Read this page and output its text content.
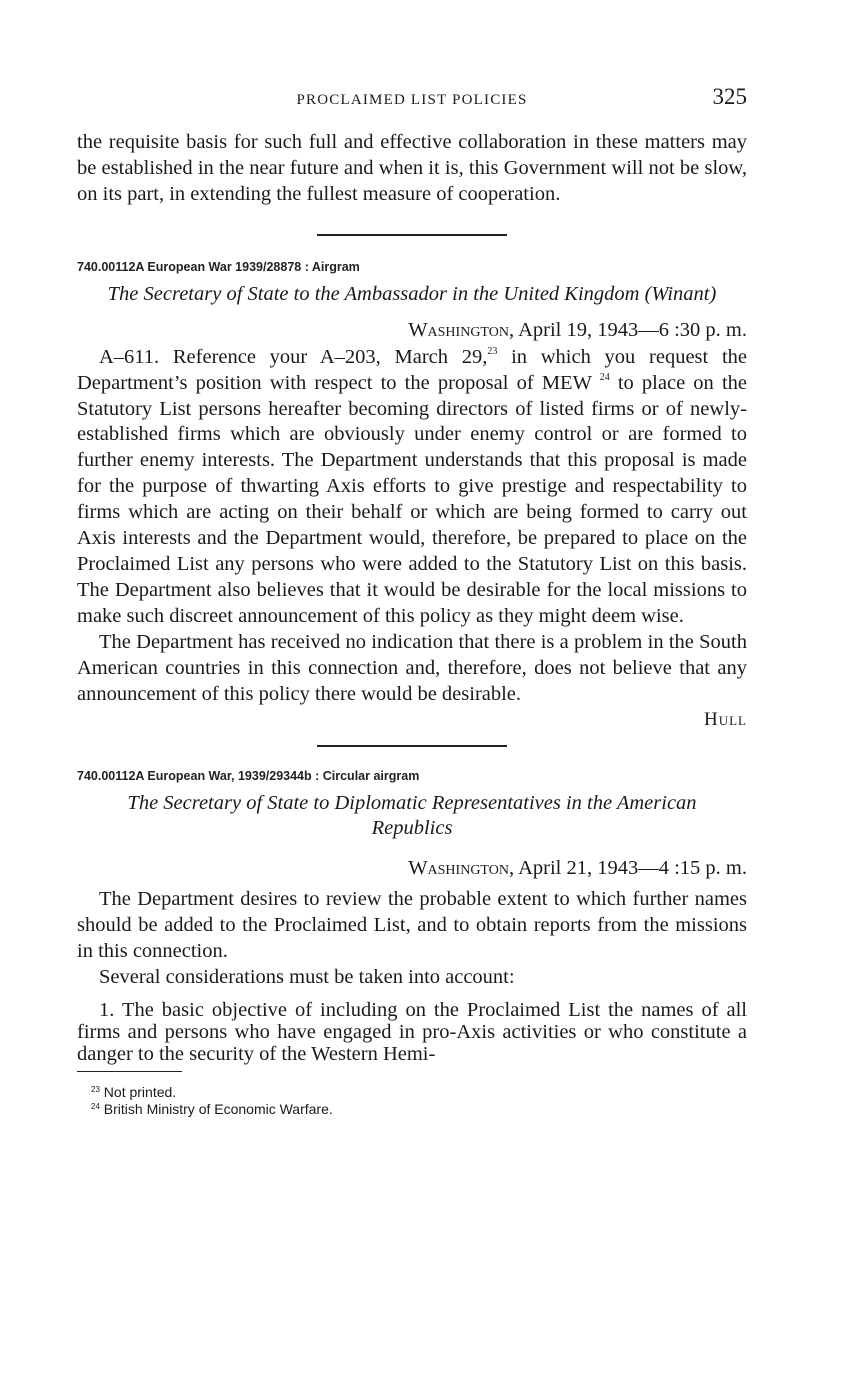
PROCLAIMED LIST POLICIES	325

the requisite basis for such full and effective collaboration in these matters may be established in the near future and when it is, this Government will not be slow, on its part, in extending the fullest measure of cooperation.

740.00112A European War 1939/28878 : Airgram

The Secretary of State to the Ambassador in the United Kingdom (Winant)

Washington, April 19, 1943—6 :30 p. m.

A–611. Reference your A–203, March 29,23 in which you request the Department’s position with respect to the proposal of MEW $^{24}$ to place on the Statutory List persons hereafter becoming directors of listed firms or of newly-established firms which are obviously under enemy control or are formed to further enemy interests. The Department understands that this proposal is made for the purpose of thwarting Axis efforts to give prestige and respectability to firms which are acting on their behalf or which are being formed to carry out Axis interests and the Department would, therefore, be prepared to place on the Proclaimed List any persons who were added to the Statutory List on this basis. The Department also believes that it would be desirable for the local missions to make such discreet announcement of this policy as they might deem wise.

The Department has received no indication that there is a problem in the South American countries in this connection and, therefore, does not believe that any announcement of this policy there would be desirable.

Hull

740.00112A European War, 1939/29344b : Circular airgram

The Secretary of State to Diplomatic Representatives in the American Republics

Washington, April 21, 1943—4 :15 p. m.

The Department desires to review the probable extent to which further names should be added to the Proclaimed List, and to obtain reports from the missions in this connection.

Several considerations must be taken into account:

1. The basic objective of including on the Proclaimed List the names of all firms and persons who have engaged in pro-Axis activities or who constitute a danger to the security of the Western Hemi-

$^{23}$ Not printed.

$^{24}$ British Ministry of Economic Warfare.
